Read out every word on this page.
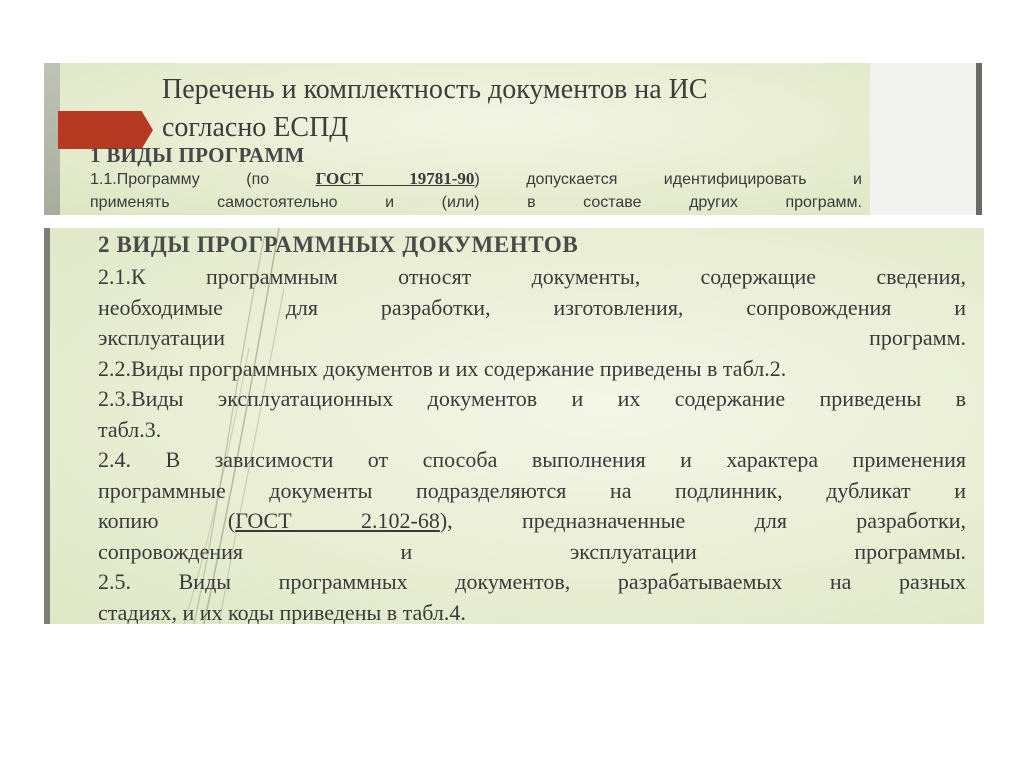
Перечень и комплектность документов на ИС
согласно ЕСПД
1 ВИДЫ ПРОГРАММ
1.1.Программу (по ГОСТ 19781-90) допускается идентифицировать и
применять самостоятельно и (или) в составе других программ.
2 ВИДЫ ПРОГРАММНЫХ ДОКУМЕНТОВ
2.1.К программным относят документы, содержащие сведения,
необходимые для разработки, изготовления, сопровождения и
эксплуатации	программ.
2.2.Виды программных документов и их содержание приведены в табл.2.
2.3.Виды эксплуатационных документов и их содержание приведены в
табл.3.
2.4. В зависимости от способа выполнения и характера применения
программные документы подразделяются на подлинник, дубликат и
копию (ГОСТ 2.102-68), предназначенные для разработки,
сопровождения и эксплуатации программы.
2.5. Виды программных документов, разрабатываемых на разных
стадиях, и их коды приведены в табл.4.
